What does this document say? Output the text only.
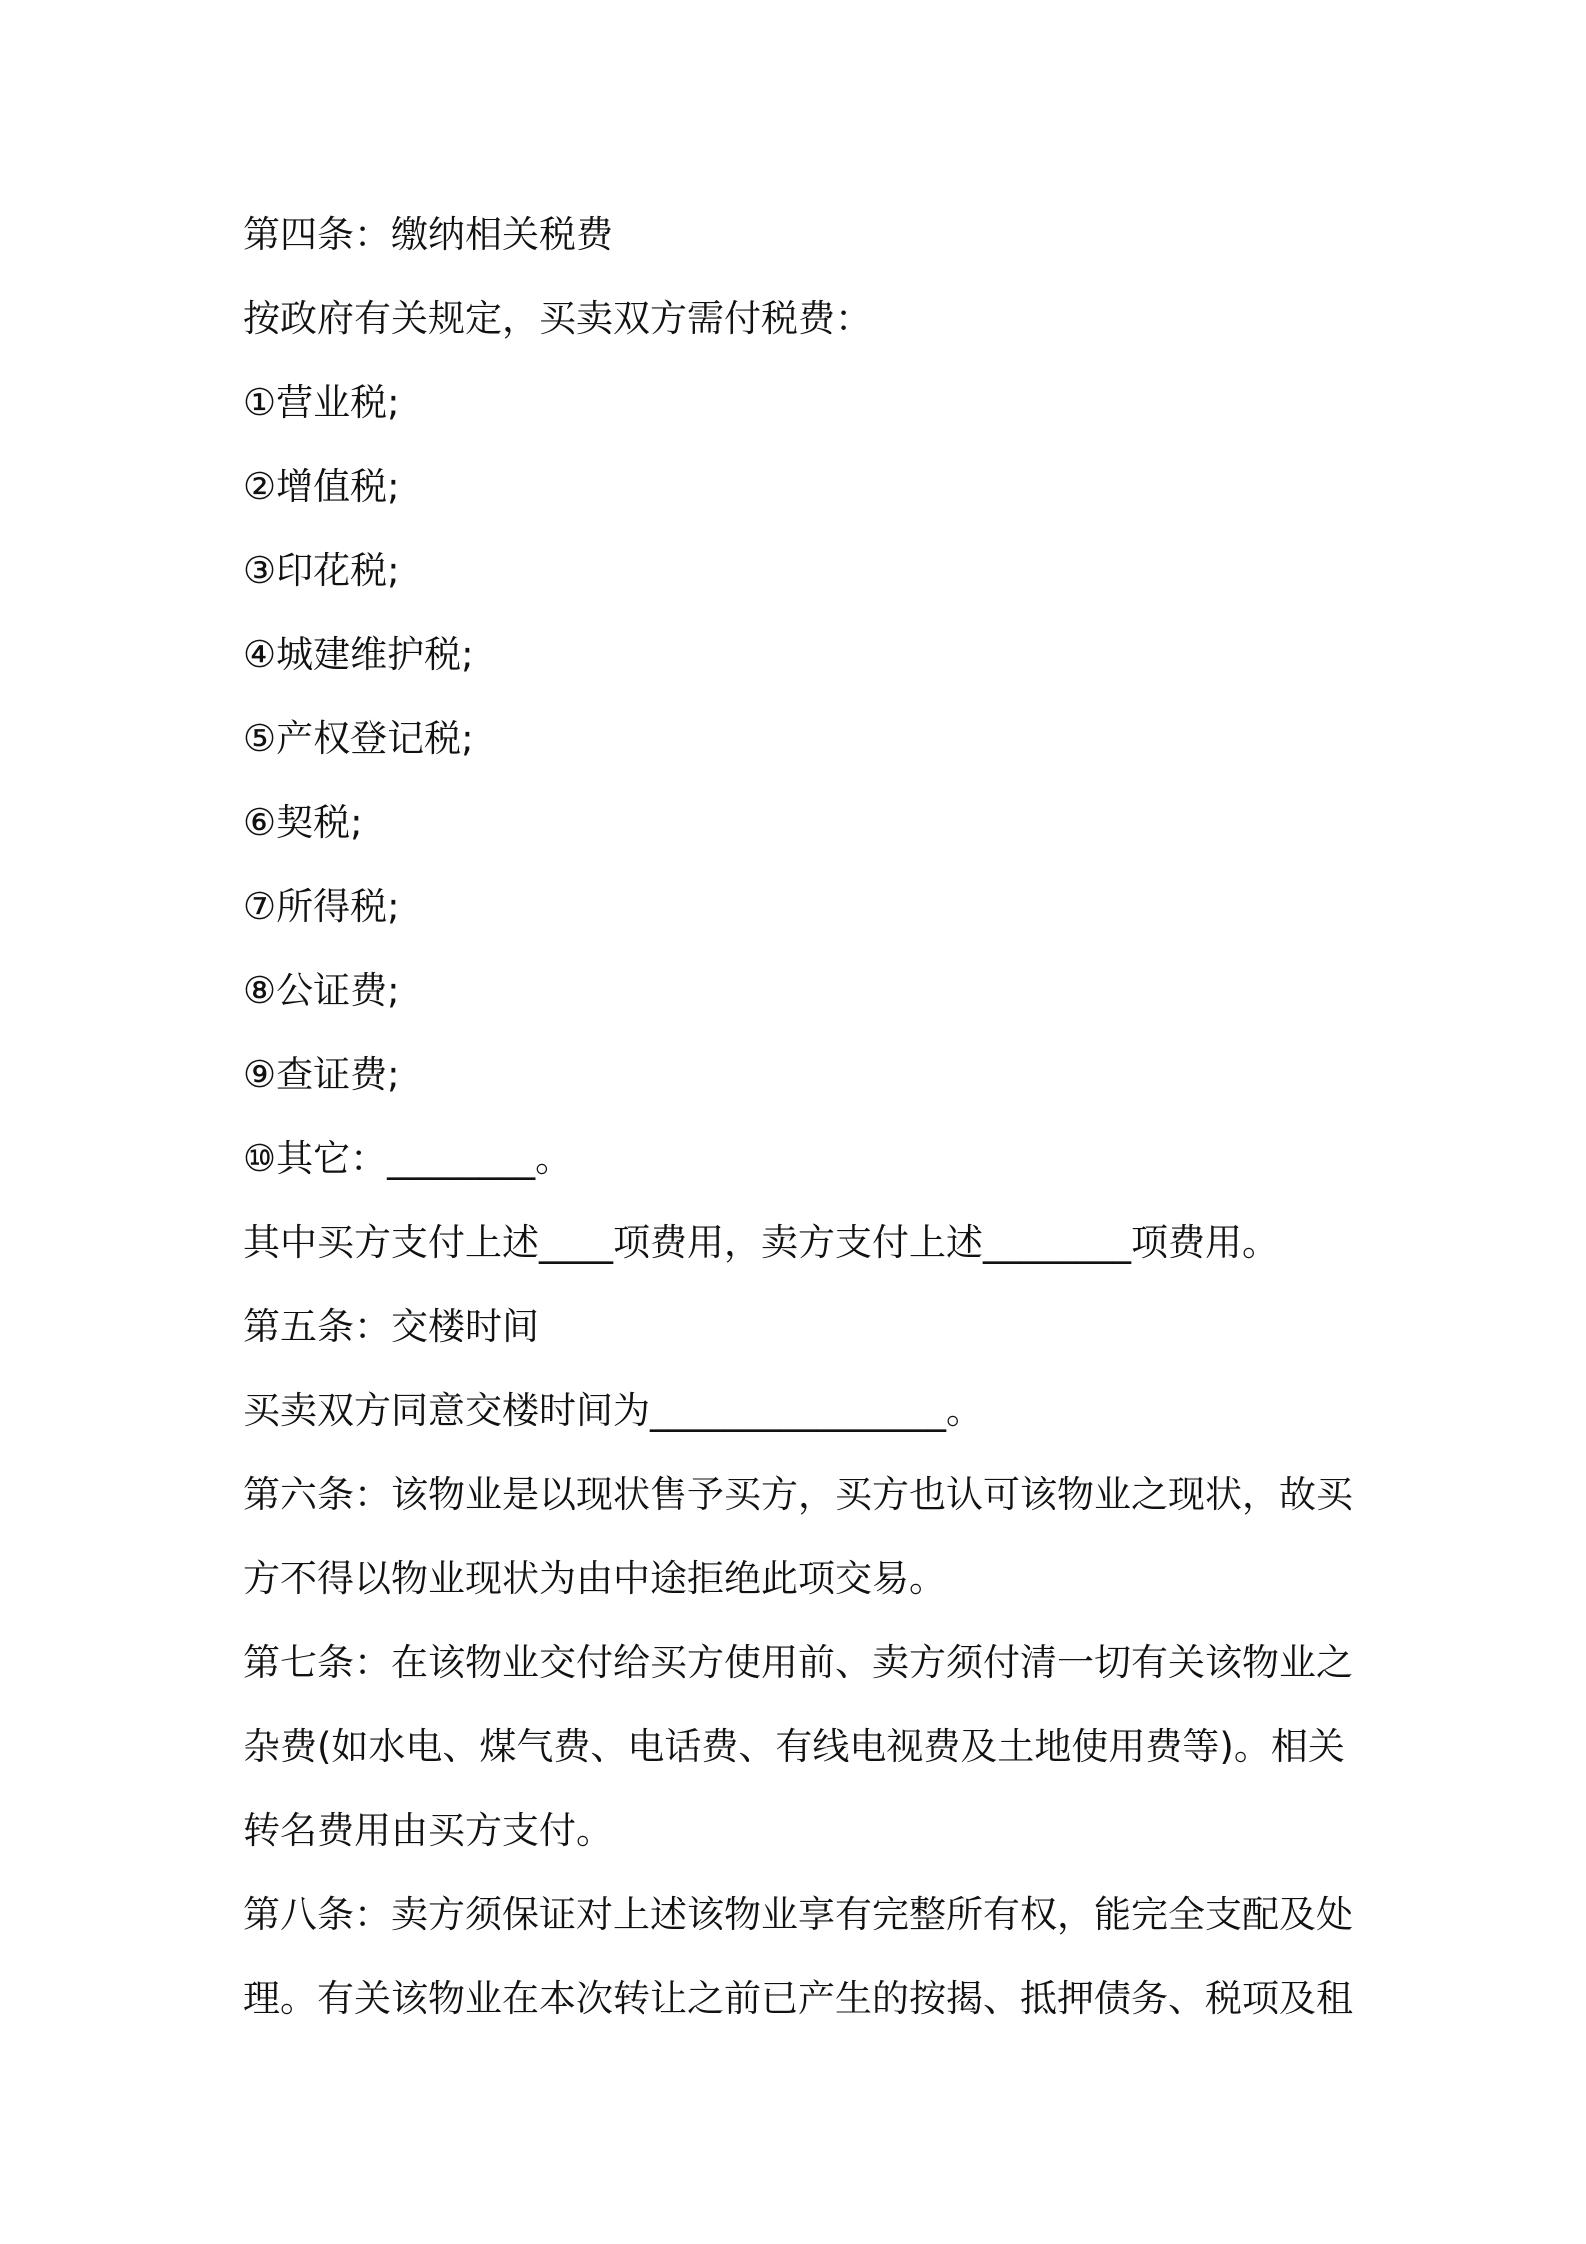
第四条：缴纳相关税费
按政府有关规定，买卖双方需付税费：
①营业税;
②增值税;
③印花税;
④城建维护税;
⑤产权登记税;
⑥契税;
⑦所得税;
⑧公证费;
⑨查证费;
⑩其它：________。
其中买方支付上述____项费用，卖方支付上述________项费用。
第五条：交楼时间
买卖双方同意交楼时间为________________。
第六条：该物业是以现状售予买方，买方也认可该物业之现状，故买
方不得以物业现状为由中途拒绝此项交易。
第七条：在该物业交付给买方使用前、卖方须付清一切有关该物业之
杂费(如水电、煤气费、电话费、有线电视费及土地使用费等)。相关
转名费用由买方支付。
第八条：卖方须保证对上述该物业享有完整所有权，能完全支配及处
理。有关该物业在本次转让之前已产生的按揭、抵押债务、税项及租
